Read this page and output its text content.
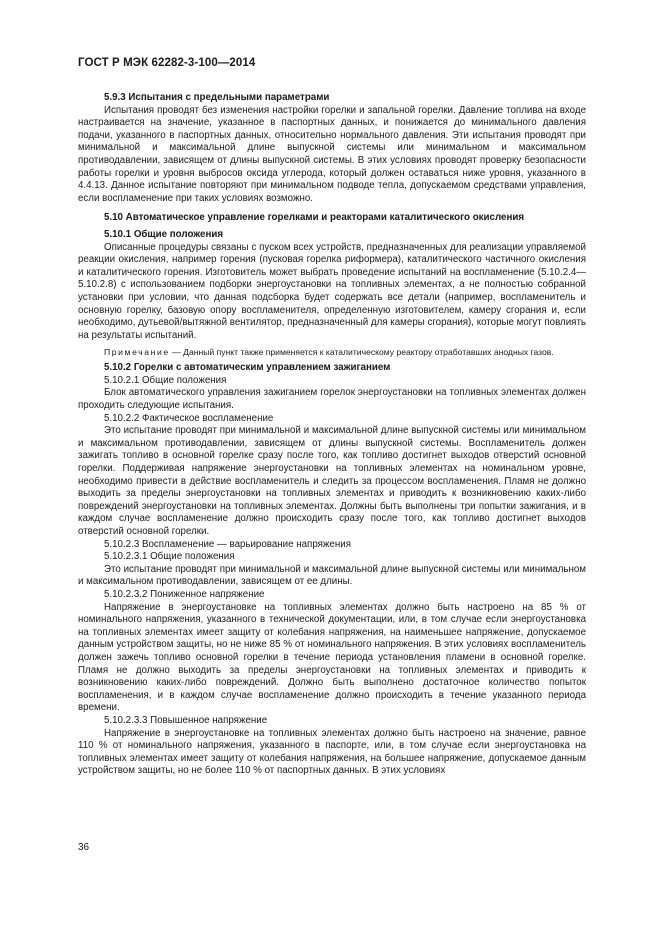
ГОСТ Р МЭК 62282-3-100—2014
5.9.3 Испытания с предельными параметрами

Испытания проводят без изменения настройки горелки и запальной горелки. Давление топлива на входе настраивается на значение, указанное в паспортных данных, и понижается до минимального давления подачи, указанного в паспортных данных, относительно нормального давления. Эти испытания проводят при минимальной и максимальной длине выпускной системы или минимальном и максимальном противодавлении, зависящем от длины выпускной системы. В этих условиях проводят проверку безопасности работы горелки и уровня выбросов оксида углерода, который должен оставаться ниже уровня, указанного в 4.4.13. Данное испытание повторяют при минимальном подводе тепла, допускаемом средствами управления, если воспламенение при таких условиях возможно.

5.10 Автоматическое управление горелками и реакторами каталитического окисления
5.10.1 Общие положения

Описанные процедуры связаны с пуском всех устройств, предназначенных для реализации управляемой реакции окисления, например горения (пусковая горелка риформера), каталитического частичного окисления и каталитического горения. Изготовитель может выбрать проведение испытаний на воспламенение (5.10.2.4—5.10.2.8) с использованием подборки энергоустановки на топливных элементах, а не полностью собранной установки при условии, что данная подсборка будет содержать все детали (например, воспламенитель и основную горелку, базовую опору воспламенителя, определенную изготовителем, камеру сгорания и, если необходимо, дутьевой/вытяжной вентилятор, предназначенный для камеры сгорания), которые могут повлиять на результаты испытаний.

Примечание — Данный пункт также применяется к каталитическому реактору отработавших анодных газов.

5.10.2 Горелки с автоматическим управлением зажиганием
5.10.2.1 Общие положения

Блок автоматического управления зажиганием горелок энергоустановки на топливных элементах должен проходить следующие испытания.

5.10.2.2 Фактическое воспламенение

Это испытание проводят при минимальной и максимальной длине выпускной системы или минимальном и максимальном противодавлении, зависящем от длины выпускной системы. Воспламенитель должен зажигать топливо в основной горелке сразу после того, как топливо достигнет выходов отверстий основной горелки. Поддерживая напряжение энергоустановки на топливных элементах на номинальном уровне, необходимо привести в действие воспламенитель и следить за процессом воспламенения. Пламя не должно выходить за пределы энергоустановки на топливных элементах и приводить к возникновению каких-либо повреждений энергоустановки на топливных элементах. Должны быть выполнены три попытки зажигания, и в каждом случае воспламенение должно происходить сразу после того, как топливо достигнет выходов отверстий основной горелки.

5.10.2.3 Воспламенение — варьирование напряжения
5.10.2.3.1 Общие положения

Это испытание проводят при минимальной и максимальной длине выпускной системы или минимальном и максимальном противодавлении, зависящем от ее длины.

5.10.2.3.2 Пониженное напряжение

Напряжение в энергоустановке на топливных элементах должно быть настроено на 85 % от номинального напряжения, указанного в технической документации, или, в том случае если энергоустановка на топливных элементах имеет защиту от колебания напряжения, на наименьшее напряжение, допускаемое данным устройством защиты, но не ниже 85 % от номинального напряжения. В этих условиях воспламенитель должен зажечь топливо основной горелки в течение периода установления пламени в основной горелке. Пламя не должно выходить за пределы энергоустановки на топливных элементах и приводить к возникновению каких-либо повреждений. Должно быть выполнено достаточное количество попыток воспламенения, и в каждом случае воспламенение должно происходить в течение указанного периода времени.

5.10.2.3.3 Повышенное напряжение

Напряжение в энергоустановке на топливных элементах должно быть настроено на значение, равное 110 % от номинального напряжения, указанного в паспорте, или, в том случае если энергоустановка на топливных элементах имеет защиту от колебания напряжения, на большее напряжение, допускаемое данным устройством защиты, но не более 110 % от паспортных данных. В этих условиях

36
